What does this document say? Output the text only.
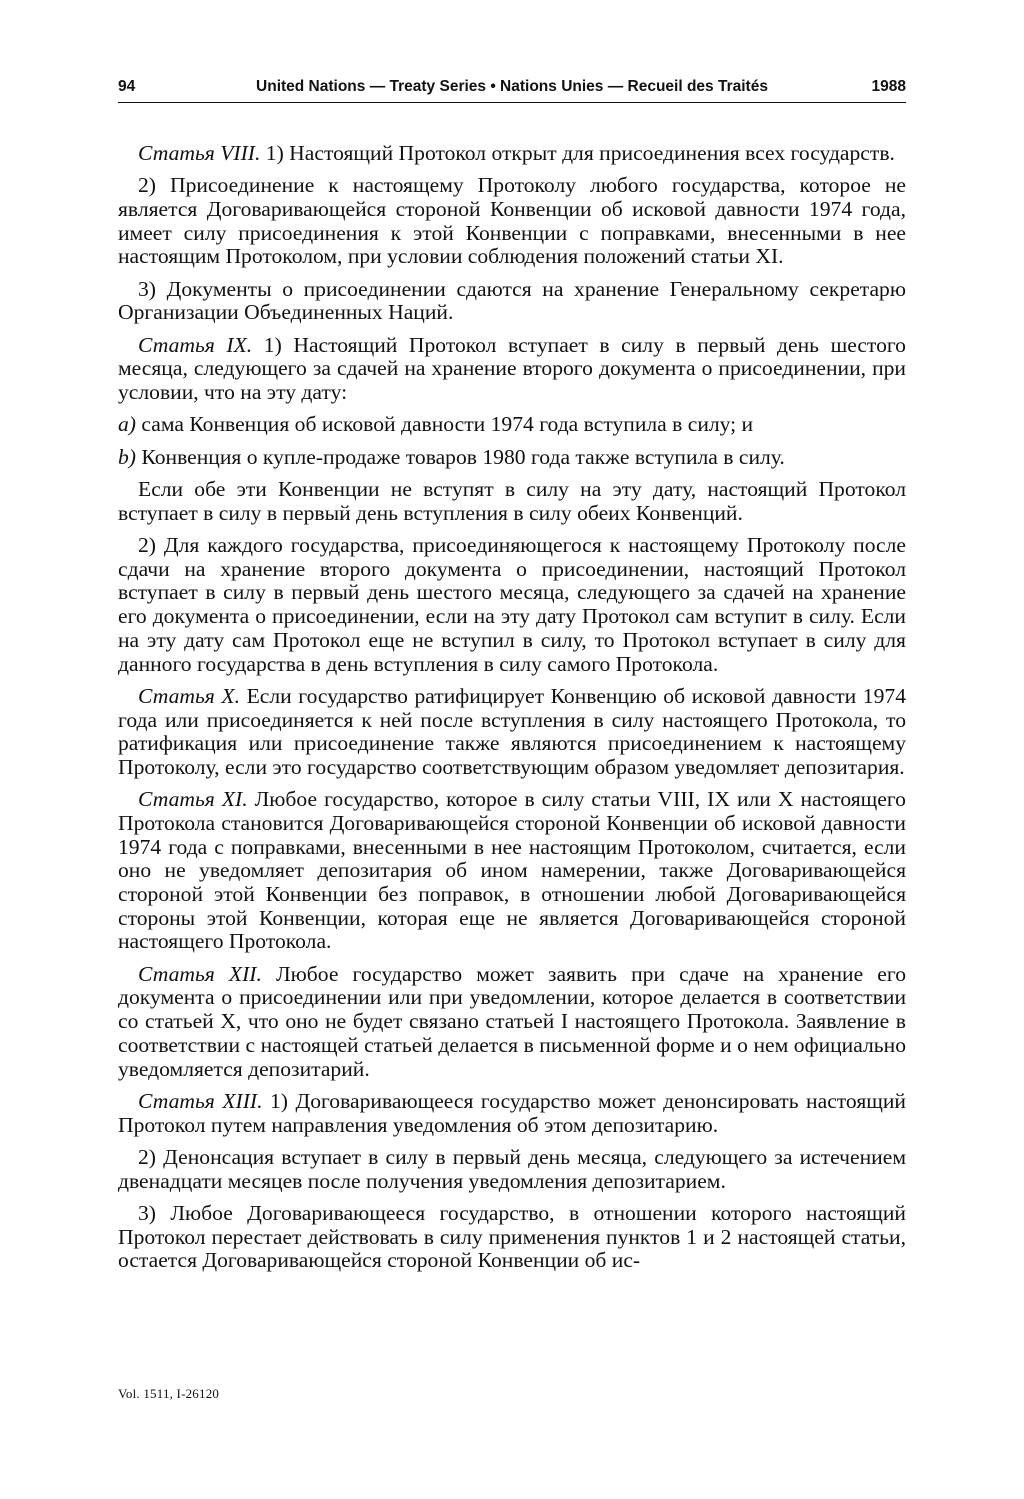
94	United Nations — Treaty Series • Nations Unies — Recueil des Traités	1988

Статья VIII. 1) Настоящий Протокол открыт для присоединения всех государств.

2) Присоединение к настоящему Протоколу любого государства, которое не является Договаривающейся стороной Конвенции об исковой давности 1974 года, имеет силу присоединения к этой Конвенции с поправками, внесенными в нее настоящим Протоколом, при условии соблюдения положений статьи XI.

3) Документы о присоединении сдаются на хранение Генеральному секретарю Организации Объединенных Наций.

Статья IX. 1) Настоящий Протокол вступает в силу в первый день шестого месяца, следующего за сдачей на хранение второго документа о присоединении, при условии, что на эту дату:

a) сама Конвенция об исковой давности 1974 года вступила в силу; и

b) Конвенция о купле-продаже товаров 1980 года также вступила в силу.

Если обе эти Конвенции не вступят в силу на эту дату, настоящий Протокол вступает в силу в первый день вступления в силу обеих Конвенций.

2) Для каждого государства, присоединяющегося к настоящему Протоколу после сдачи на хранение второго документа о присоединении, настоящий Протокол вступает в силу в первый день шестого месяца, следующего за сдачей на хранение его документа о присоединении, если на эту дату Протокол сам вступит в силу. Если на эту дату сам Протокол еще не вступил в силу, то Протокол вступает в силу для данного государства в день вступления в силу самого Протокола.

Статья X. Если государство ратифицирует Конвенцию об исковой давности 1974 года или присоединяется к ней после вступления в силу настоящего Протокола, то ратификация или присоединение также являются присоединением к настоящему Протоколу, если это государство соответствующим образом уведомляет депозитария.

Статья XI. Любое государство, которое в силу статьи VIII, IX или X настоящего Протокола становится Договаривающейся стороной Конвенции об исковой давности 1974 года с поправками, внесенными в нее настоящим Протоколом, считается, если оно не уведомляет депозитария об ином намерении, также Договаривающейся стороной этой Конвенции без поправок, в отношении любой Договаривающейся стороны этой Конвенции, которая еще не является Договаривающейся стороной настоящего Протокола.

Статья XII. Любое государство может заявить при сдаче на хранение его документа о присоединении или при уведомлении, которое делается в соответствии со статьей X, что оно не будет связано статьей I настоящего Протокола. Заявление в соответствии с настоящей статьей делается в письменной форме и о нем официально уведомляется депозитарий.

Статья XIII. 1) Договаривающееся государство может денонсировать настоящий Протокол путем направления уведомления об этом депозитарию.

2) Денонсация вступает в силу в первый день месяца, следующего за истечением двенадцати месяцев после получения уведомления депозитарием.

3) Любое Договаривающееся государство, в отношении которого настоящий Протокол перестает действовать в силу применения пунктов 1 и 2 настоящей статьи, остается Договаривающейся стороной Конвенции об ис-

Vol. 1511, I-26120
